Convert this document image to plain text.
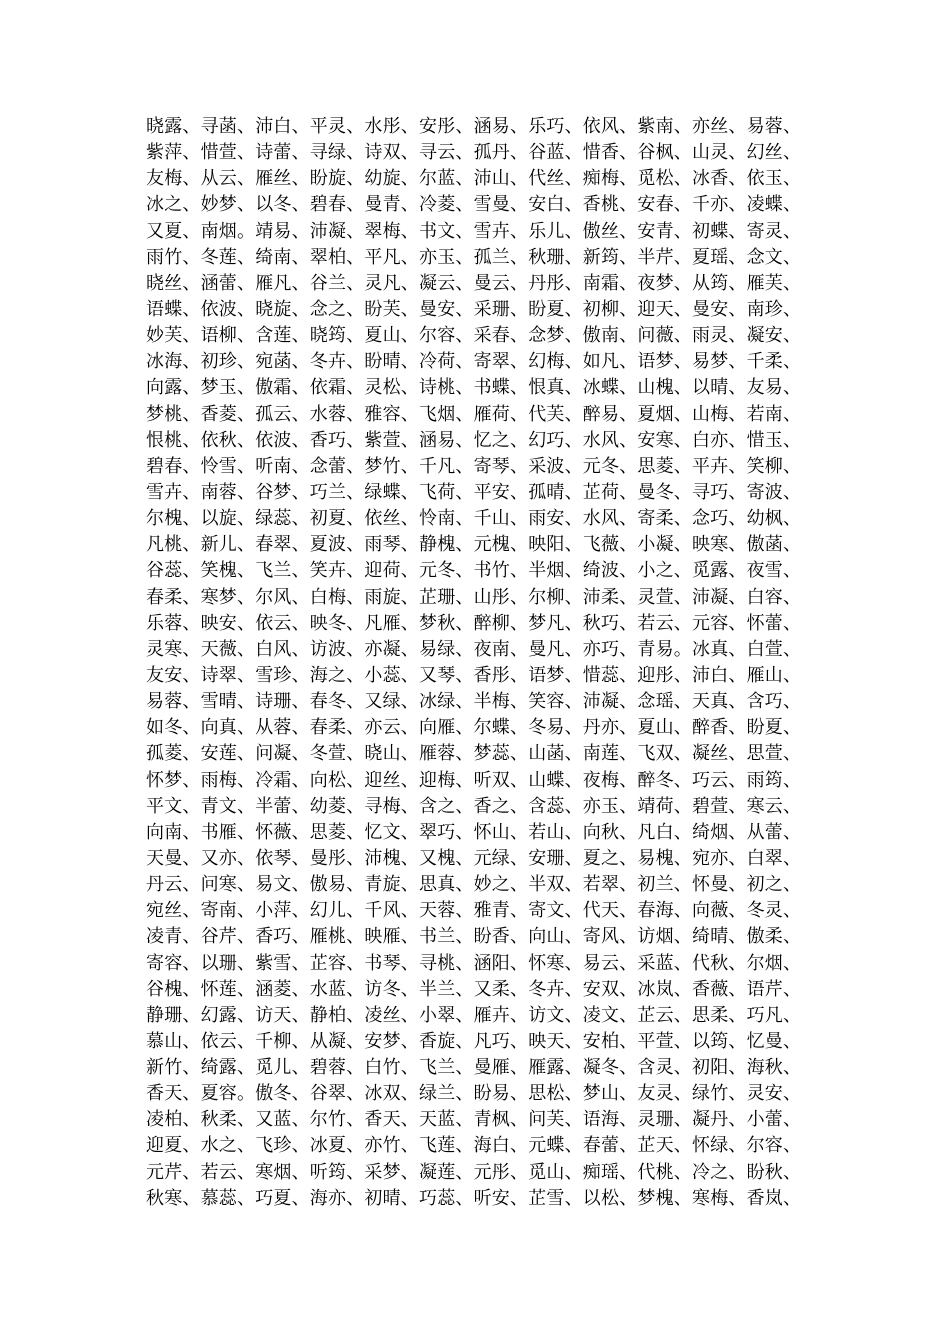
晓露、寻菡、沛白、平灵、水彤、安彤、涵易、乐巧、依风、紫南、亦丝、易蓉、
紫萍、惜萱、诗蕾、寻绿、诗双、寻云、孤丹、谷蓝、惜香、谷枫、山灵、幻丝、
友梅、从云、雁丝、盼旋、幼旋、尔蓝、沛山、代丝、痴梅、觅松、冰香、依玉、
冰之、妙梦、以冬、碧春、曼青、冷菱、雪曼、安白、香桃、安春、千亦、凌蝶、
又夏、南烟。靖易、沛凝、翠梅、书文、雪卉、乐儿、傲丝、安青、初蝶、寄灵、
雨竹、冬莲、绮南、翠柏、平凡、亦玉、孤兰、秋珊、新筠、半芹、夏瑶、念文、
晓丝、涵蕾、雁凡、谷兰、灵凡、凝云、曼云、丹彤、南霜、夜梦、从筠、雁芙、
语蝶、依波、晓旋、念之、盼芙、曼安、采珊、盼夏、初柳、迎天、曼安、南珍、
妙芙、语柳、含莲、晓筠、夏山、尔容、采春、念梦、傲南、问薇、雨灵、凝安、
冰海、初珍、宛菡、冬卉、盼晴、冷荷、寄翠、幻梅、如凡、语梦、易梦、千柔、
向露、梦玉、傲霜、依霜、灵松、诗桃、书蝶、恨真、冰蝶、山槐、以晴、友易、
梦桃、香菱、孤云、水蓉、雅容、飞烟、雁荷、代芙、醉易、夏烟、山梅、若南、
恨桃、依秋、依波、香巧、紫萱、涵易、忆之、幻巧、水风、安寒、白亦、惜玉、
碧春、怜雪、听南、念蕾、梦竹、千凡、寄琴、采波、元冬、思菱、平卉、笑柳、
雪卉、南蓉、谷梦、巧兰、绿蝶、飞荷、平安、孤晴、芷荷、曼冬、寻巧、寄波、
尔槐、以旋、绿蕊、初夏、依丝、怜南、千山、雨安、水风、寄柔、念巧、幼枫、
凡桃、新儿、春翠、夏波、雨琴、静槐、元槐、映阳、飞薇、小凝、映寒、傲菡、
谷蕊、笑槐、飞兰、笑卉、迎荷、元冬、书竹、半烟、绮波、小之、觅露、夜雪、
春柔、寒梦、尔风、白梅、雨旋、芷珊、山彤、尔柳、沛柔、灵萱、沛凝、白容、
乐蓉、映安、依云、映冬、凡雁、梦秋、醉柳、梦凡、秋巧、若云、元容、怀蕾、
灵寒、天薇、白风、访波、亦凝、易绿、夜南、曼凡、亦巧、青易。冰真、白萱、
友安、诗翠、雪珍、海之、小蕊、又琴、香彤、语梦、惜蕊、迎彤、沛白、雁山、
易蓉、雪晴、诗珊、春冬、又绿、冰绿、半梅、笑容、沛凝、念瑶、天真、含巧、
如冬、向真、从蓉、春柔、亦云、向雁、尔蝶、冬易、丹亦、夏山、醉香、盼夏、
孤菱、安莲、问凝、冬萱、晓山、雁蓉、梦蕊、山菡、南莲、飞双、凝丝、思萱、
怀梦、雨梅、冷霜、向松、迎丝、迎梅、听双、山蝶、夜梅、醉冬、巧云、雨筠、
平文、青文、半蕾、幼菱、寻梅、含之、香之、含蕊、亦玉、靖荷、碧萱、寒云、
向南、书雁、怀薇、思菱、忆文、翠巧、怀山、若山、向秋、凡白、绮烟、从蕾、
天曼、又亦、依琴、曼彤、沛槐、又槐、元绿、安珊、夏之、易槐、宛亦、白翠、
丹云、问寒、易文、傲易、青旋、思真、妙之、半双、若翠、初兰、怀曼、初之、
宛丝、寄南、小萍、幻儿、千风、天蓉、雅青、寄文、代天、春海、向薇、冬灵、
凌青、谷芹、香巧、雁桃、映雁、书兰、盼香、向山、寄风、访烟、绮晴、傲柔、
寄容、以珊、紫雪、芷容、书琴、寻桃、涵阳、怀寒、易云、采蓝、代秋、尔烟、
谷槐、怀莲、涵菱、水蓝、访冬、半兰、又柔、冬卉、安双、冰岚、香薇、语芹、
静珊、幻露、访天、静柏、凌丝、小翠、雁卉、访文、凌文、芷云、思柔、巧凡、
慕山、依云、千柳、从凝、安梦、香旋、凡巧、映天、安柏、平萱、以筠、忆曼、
新竹、绮露、觅儿、碧蓉、白竹、飞兰、曼雁、雁露、凝冬、含灵、初阳、海秋、
香天、夏容。傲冬、谷翠、冰双、绿兰、盼易、思松、梦山、友灵、绿竹、灵安、
凌柏、秋柔、又蓝、尔竹、香天、天蓝、青枫、问芙、语海、灵珊、凝丹、小蕾、
迎夏、水之、飞珍、冰夏、亦竹、飞莲、海白、元蝶、春蕾、芷天、怀绿、尔容、
元芹、若云、寒烟、听筠、采梦、凝莲、元彤、觅山、痴瑶、代桃、冷之、盼秋、
秋寒、慕蕊、巧夏、海亦、初晴、巧蕊、听安、芷雪、以松、梦槐、寒梅、香岚、
